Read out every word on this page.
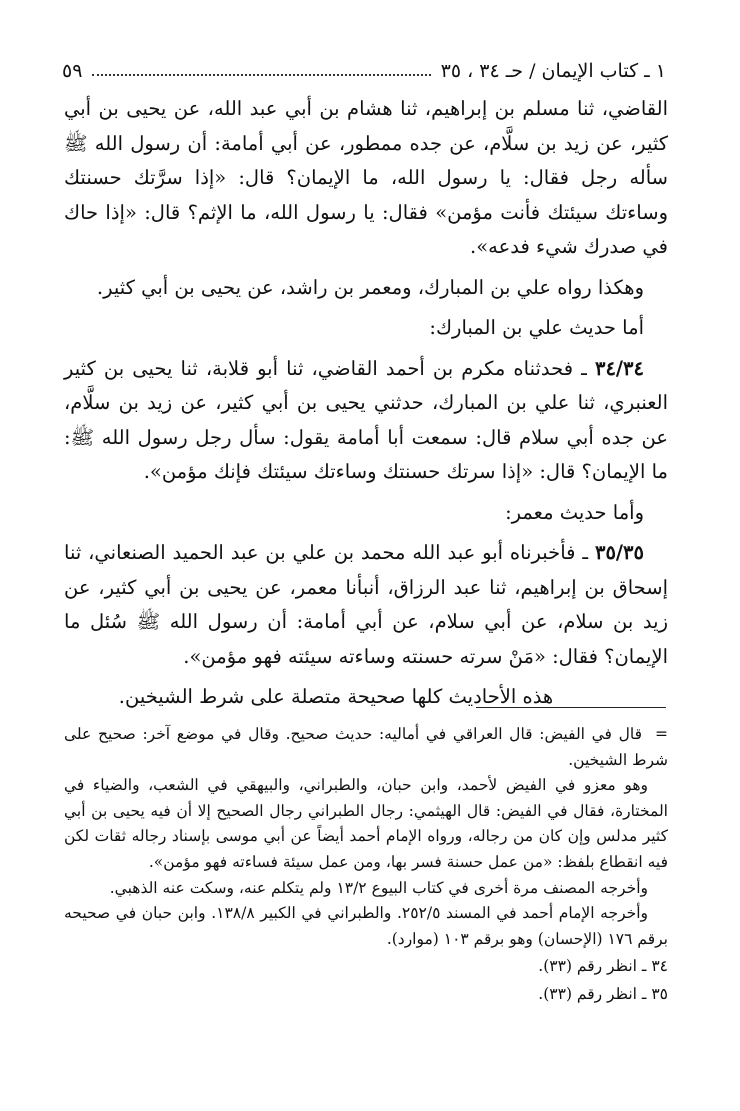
١ ـ كتاب الإيمان / حـ ٣٤ ، ٣٥
٥٩

القاضي، ثنا مسلم بن إبراهيم، ثنا هشام بن أبي عبد الله، عن يحيى بن أبي كثير، عن زيد بن سلَّام، عن جده ممطور، عن أبي أمامة: أن رسول الله ﷺ سأله رجل فقال: يا رسول الله، ما الإيمان؟ قال: «إذا سرَّتك حسنتك وساءتك سيئتك فأنت مؤمن» فقال: يا رسول الله، ما الإثم؟ قال: «إذا حاك في صدرك شيء فدعه».

وهكذا رواه علي بن المبارك، ومعمر بن راشد، عن يحيى بن أبي كثير.

أما حديث علي بن المبارك:

٣٤/٣٤ ـ فحدثناه مكرم بن أحمد القاضي، ثنا أبو قلابة، ثنا يحيى بن كثير العنبري، ثنا علي بن المبارك، حدثني يحيى بن أبي كثير، عن زيد بن سلَّام، عن جده أبي سلام قال: سمعت أبا أمامة يقول: سأل رجل رسول الله ﷺ: ما الإيمان؟ قال: «إذا سرتك حسنتك وساءتك سيئتك فإنك مؤمن».

وأما حديث معمر:

٣٥/٣٥ ـ فأخبرناه أبو عبد الله محمد بن علي بن عبد الحميد الصنعاني، ثنا إسحاق بن إبراهيم، ثنا عبد الرزاق، أنبأنا معمر، عن يحيى بن أبي كثير، عن زيد بن سلام، عن أبي سلام، عن أبي أمامة: أن رسول الله ﷺ سُئل ما الإيمان؟ فقال: «مَنْ سرته حسنته وساءته سيئته فهو مؤمن».

هذه الأحاديث كلها صحيحة متصلة على شرط الشيخين.

=قال في الفيض: قال العراقي في أماليه: حديث صحيح. وقال في موضع آخر: صحيح على شرط الشيخين.

وهو معزو في الفيض لأحمد، وابن حبان، والطبراني، والبيهقي في الشعب، والضياء في المختارة، فقال في الفيض: قال الهيثمي: رجال الطبراني رجال الصحيح إلا أن فيه يحيى بن أبي كثير مدلس وإن كان من رجاله، ورواه الإمام أحمد أيضاً عن أبي موسى بإسناد رجاله ثقات لكن فيه انقطاع بلفظ: «من عمل حسنة فسر بها، ومن عمل سيئة فساءته فهو مؤمن».

وأخرجه المصنف مرة أخرى في كتاب البيوع ١٣/٢ ولم يتكلم عنه، وسكت عنه الذهبي.

وأخرجه الإمام أحمد في المسند ٢٥٢/٥. والطبراني في الكبير ١٣٨/٨. وابن حبان في صحيحه برقم ١٧٦ (الإحسان) وهو برقم ١٠٣ (موارد).

٣٤ ـ انظر رقم (٣٣).

٣٥ ـ انظر رقم (٣٣).
